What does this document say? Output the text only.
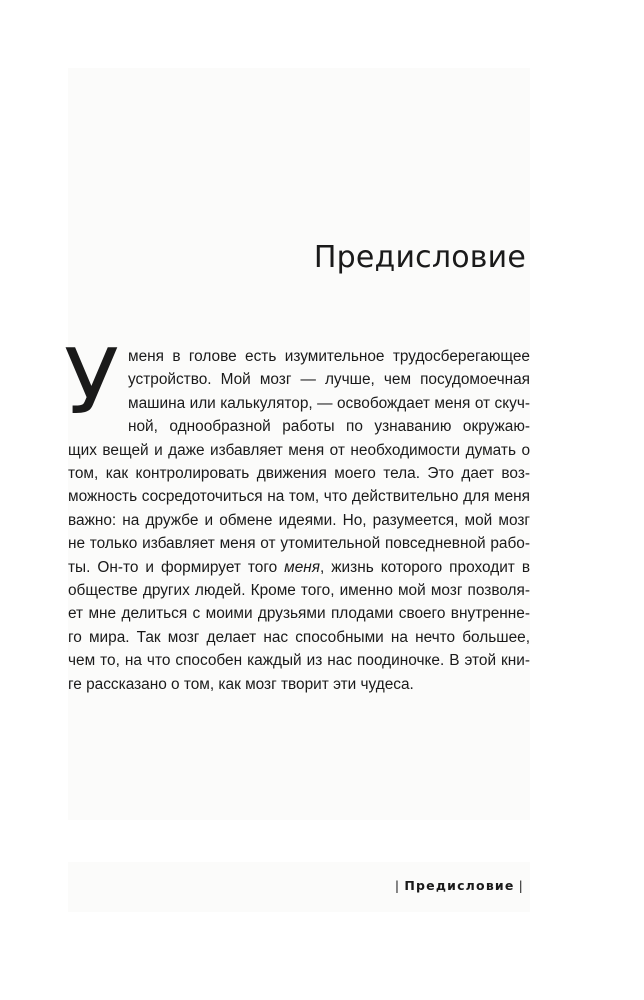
Предисловие
У меня в голове есть изумительное трудосберегающее
устройство. Мой мозг — лучше, чем посудомоечная
машина или калькулятор, — освобождает меня от скуч-
ной, однообразной работы по узнаванию окружаю-
щих вещей и даже избавляет меня от необходимости думать о
том, как контролировать движения моего тела. Это дает воз-
можность сосредоточиться на том, что действительно для меня
важно: на дружбе и обмене идеями. Но, разумеется, мой мозг
не только избавляет меня от утомительной повседневной рабо-
ты. Он-то и формирует того меня, жизнь которого проходит в
обществе других людей. Кроме того, именно мой мозг позволя-
ет мне делиться с моими друзьями плодами своего внутренне-
го мира. Так мозг делает нас способными на нечто большее,
чем то, на что способен каждый из нас поодиночке. В этой кни-
ге рассказано о том, как мозг творит эти чудеса.
| Предисловие |
